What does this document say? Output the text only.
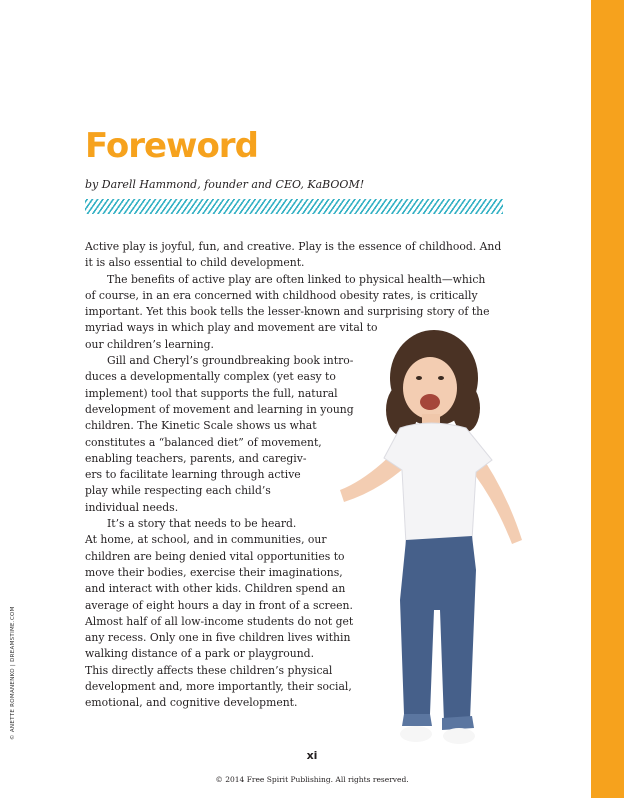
Foreword
by Darell Hammond, founder and CEO, KaBOOM!
Active play is joyful, fun, and creative. Play is the essence of childhood. And
it is also essential to child development.
The benefits of active play are often linked to physical health—which
of course, in an era concerned with childhood obesity rates, is critically
important. Yet this book tells the lesser-known and surprising story of the
myriad ways in which play and movement are vital to
our children’s learning.
Gill and Cheryl’s groundbreaking book intro-
duces a developmentally complex (yet easy to
implement) tool that supports the full, natural
development of movement and learning in young
children. The Kinetic Scale shows us what
constitutes a “balanced diet” of movement,
enabling teachers, parents, and caregiv-
ers to facilitate learning through active
play while respecting each child’s
individual needs.
It’s a story that needs to be heard.
At home, at school, and in communities, our
children are being denied vital opportunities to
move their bodies, exercise their imaginations,
and interact with other kids. Children spend an
average of eight hours a day in front of a screen.
Almost half of all low-income students do not get
any recess. Only one in five children lives within
walking distance of a park or playground.
This directly affects these children’s physical
development and, more importantly, their social,
emotional, and cognitive development.
© ANETTE ROMANENKO | DREAMSTIME.COM
xi
© 2014 Free Spirit Publishing. All rights reserved.
